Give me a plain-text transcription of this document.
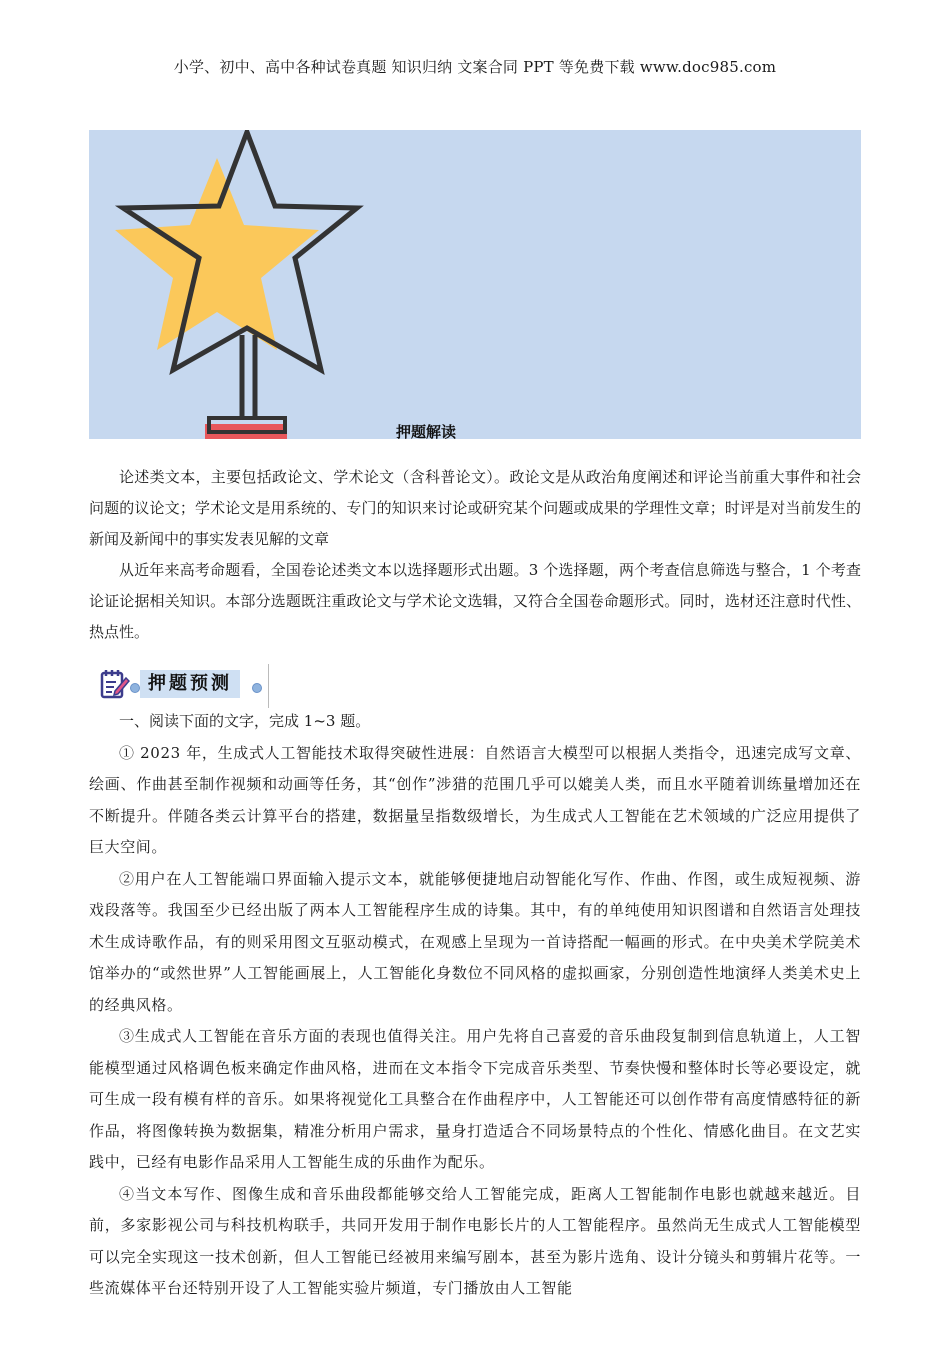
小学、初中、高中各种试卷真题 知识归纳 文案合同 PPT 等免费下载 www.doc985.com
押题解读

论述类文本，主要包括政论文、学术论文（含科普论文）。政论文是从政治角度阐述和评论当前重大事件和社会问题的议论文；学术论文是用系统的、专门的知识来讨论或研究某个问题或成果的学理性文章；时评是对当前发生的新闻及新闻中的事实发表见解的文章

从近年来高考命题看，全国卷论述类文本以选择题形式出题。3 个选择题，两个考查信息筛选与整合，1 个考查论证论据相关知识。本部分选题既注重政论文与学术论文选辑，又符合全国卷命题形式。同时，选材还注意时代性、热点性。

押题预测

一、阅读下面的文字，完成 1~3 题。

① 2023 年，生成式人工智能技术取得突破性进展：自然语言大模型可以根据人类指令，迅速完成写文章、绘画、作曲甚至制作视频和动画等任务，其“创作”涉猎的范围几乎可以媲美人类，而且水平随着训练量增加还在不断提升。伴随各类云计算平台的搭建，数据量呈指数级增长，为生成式人工智能在艺术领域的广泛应用提供了巨大空间。

②用户在人工智能端口界面输入提示文本，就能够便捷地启动智能化写作、作曲、作图，或生成短视频、游戏段落等。我国至少已经出版了两本人工智能程序生成的诗集。其中，有的单纯使用知识图谱和自然语言处理技术生成诗歌作品，有的则采用图文互驱动模式，在观感上呈现为一首诗搭配一幅画的形式。在中央美术学院美术馆举办的“或然世界”人工智能画展上，人工智能化身数位不同风格的虚拟画家，分别创造性地演绎人类美术史上的经典风格。

③生成式人工智能在音乐方面的表现也值得关注。用户先将自己喜爱的音乐曲段复制到信息轨道上，人工智能模型通过风格调色板来确定作曲风格，进而在文本指令下完成音乐类型、节奏快慢和整体时长等必要设定，就可生成一段有模有样的音乐。如果将视觉化工具整合在作曲程序中，人工智能还可以创作带有高度情感特征的新作品，将图像转换为数据集，精准分析用户需求，量身打造适合不同场景特点的个性化、情感化曲目。在文艺实践中，已经有电影作品采用人工智能生成的乐曲作为配乐。

④当文本写作、图像生成和音乐曲段都能够交给人工智能完成，距离人工智能制作电影也就越来越近。目前，多家影视公司与科技机构联手，共同开发用于制作电影长片的人工智能程序。虽然尚无生成式人工智能模型可以完全实现这一技术创新，但人工智能已经被用来编写剧本，甚至为影片选角、设计分镜头和剪辑片花等。一些流媒体平台还特别开设了人工智能实验片频道，专门播放由人工智能
